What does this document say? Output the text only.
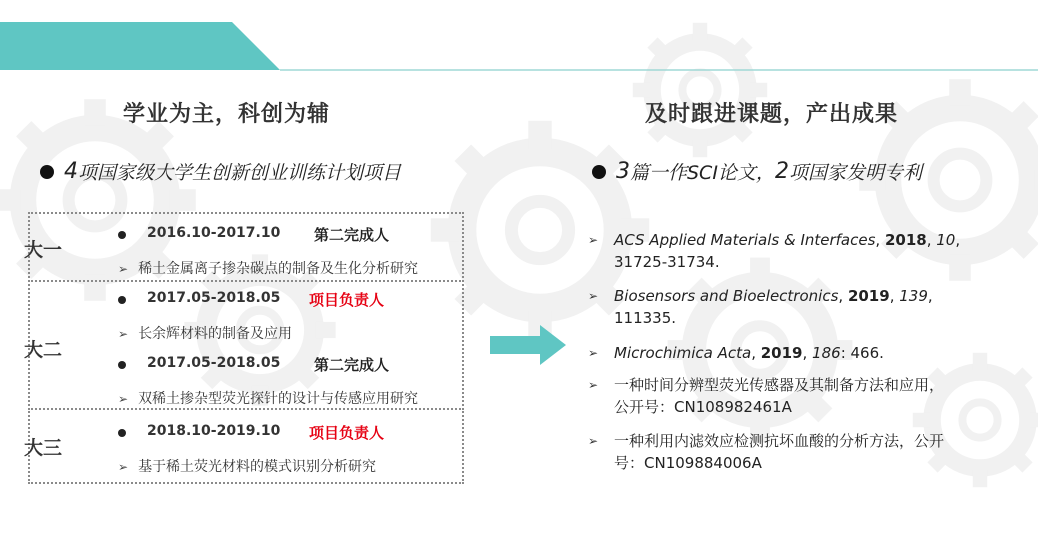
学业为主，科创为辅
4 项国家级大学生创新创业训练计划项目
大一
2016.10-2017.10 第二完成人
➢ 稀土金属离子掺杂碳点的制备及生化分析研究
大二
2017.05-2018.05 项目负责人
➢ 长余辉材料的制备及应用
2017.05-2018.05 第二完成人
➢ 双稀土掺杂型荧光探针的设计与传感应用研究
大三
2018.10-2019.10 项目负责人
➢ 基于稀土荧光材料的模式识别分析研究
及时跟进课题，产出成果
3 篇一作SCI论文， 2 项国家发明专利
➢ ACS Applied Materials & Interfaces, 2018, 10,
31725-31734.
➢ Biosensors and Bioelectronics, 2019, 139,
111335.
➢ Microchimica Acta, 2019, 186: 466.
➢ 一种时间分辨型荧光传感器及其制备方法和应用，
公开号：CN108982461A
➢ 一种利用内滤效应检测抗坏血酸的分析方法，公开
号：CN109884006A
